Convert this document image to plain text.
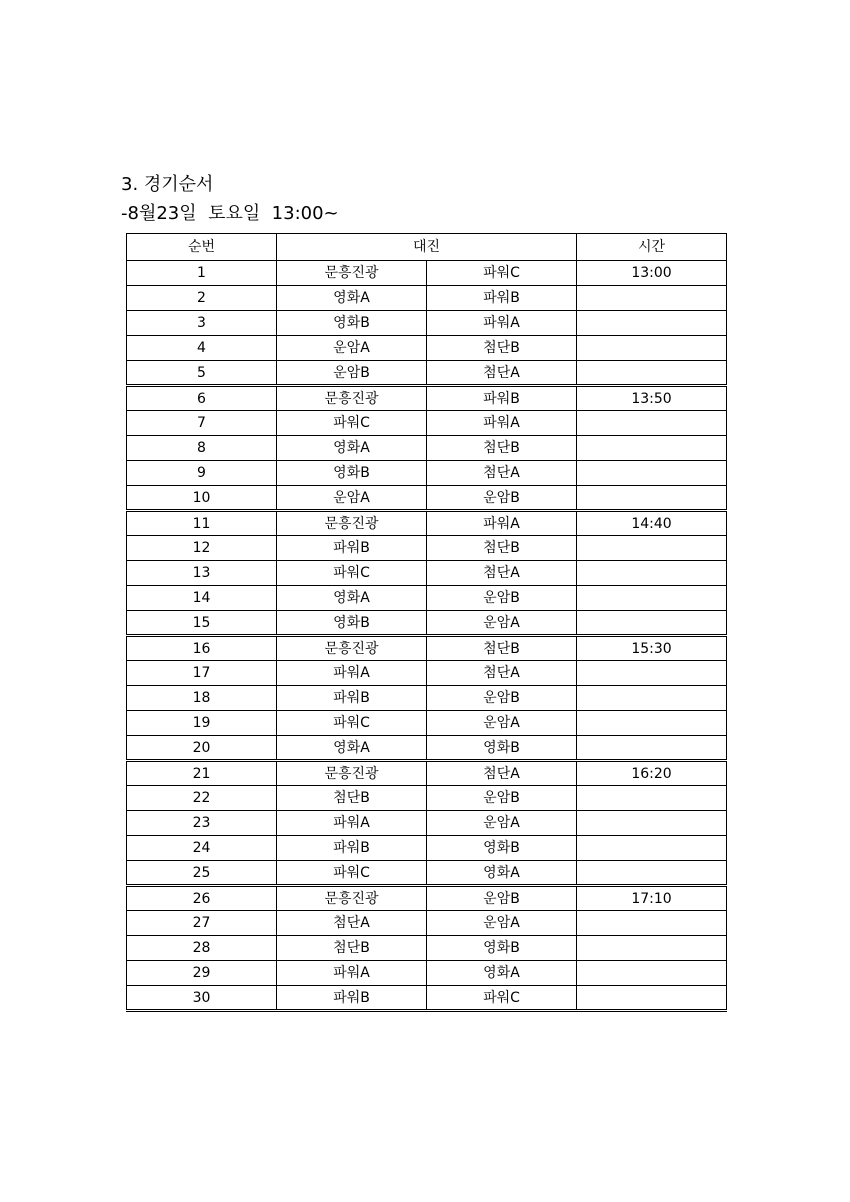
3. 경기순서
-8월23일  토요일  13:00~
순번	대진		시간
1	문흥진광	파워C	13:00
2	영화A	파워B	
3	영화B	파워A	
4	운암A	첨단B	
5	운암B	첨단A	
6	문흥진광	파워B	13:50
7	파워C	파워A	
8	영화A	첨단B	
9	영화B	첨단A	
10	운암A	운암B	
11	문흥진광	파워A	14:40
12	파워B	첨단B	
13	파워C	첨단A	
14	영화A	운암B	
15	영화B	운암A	
16	문흥진광	첨단B	15:30
17	파워A	첨단A	
18	파워B	운암B	
19	파워C	운암A	
20	영화A	영화B	
21	문흥진광	첨단A	16:20
22	첨단B	운암B	
23	파워A	운암A	
24	파워B	영화B	
25	파워C	영화A	
26	문흥진광	운암B	17:10
27	첨단A	운암A	
28	첨단B	영화B	
29	파워A	영화A	
30	파워B	파워C	
